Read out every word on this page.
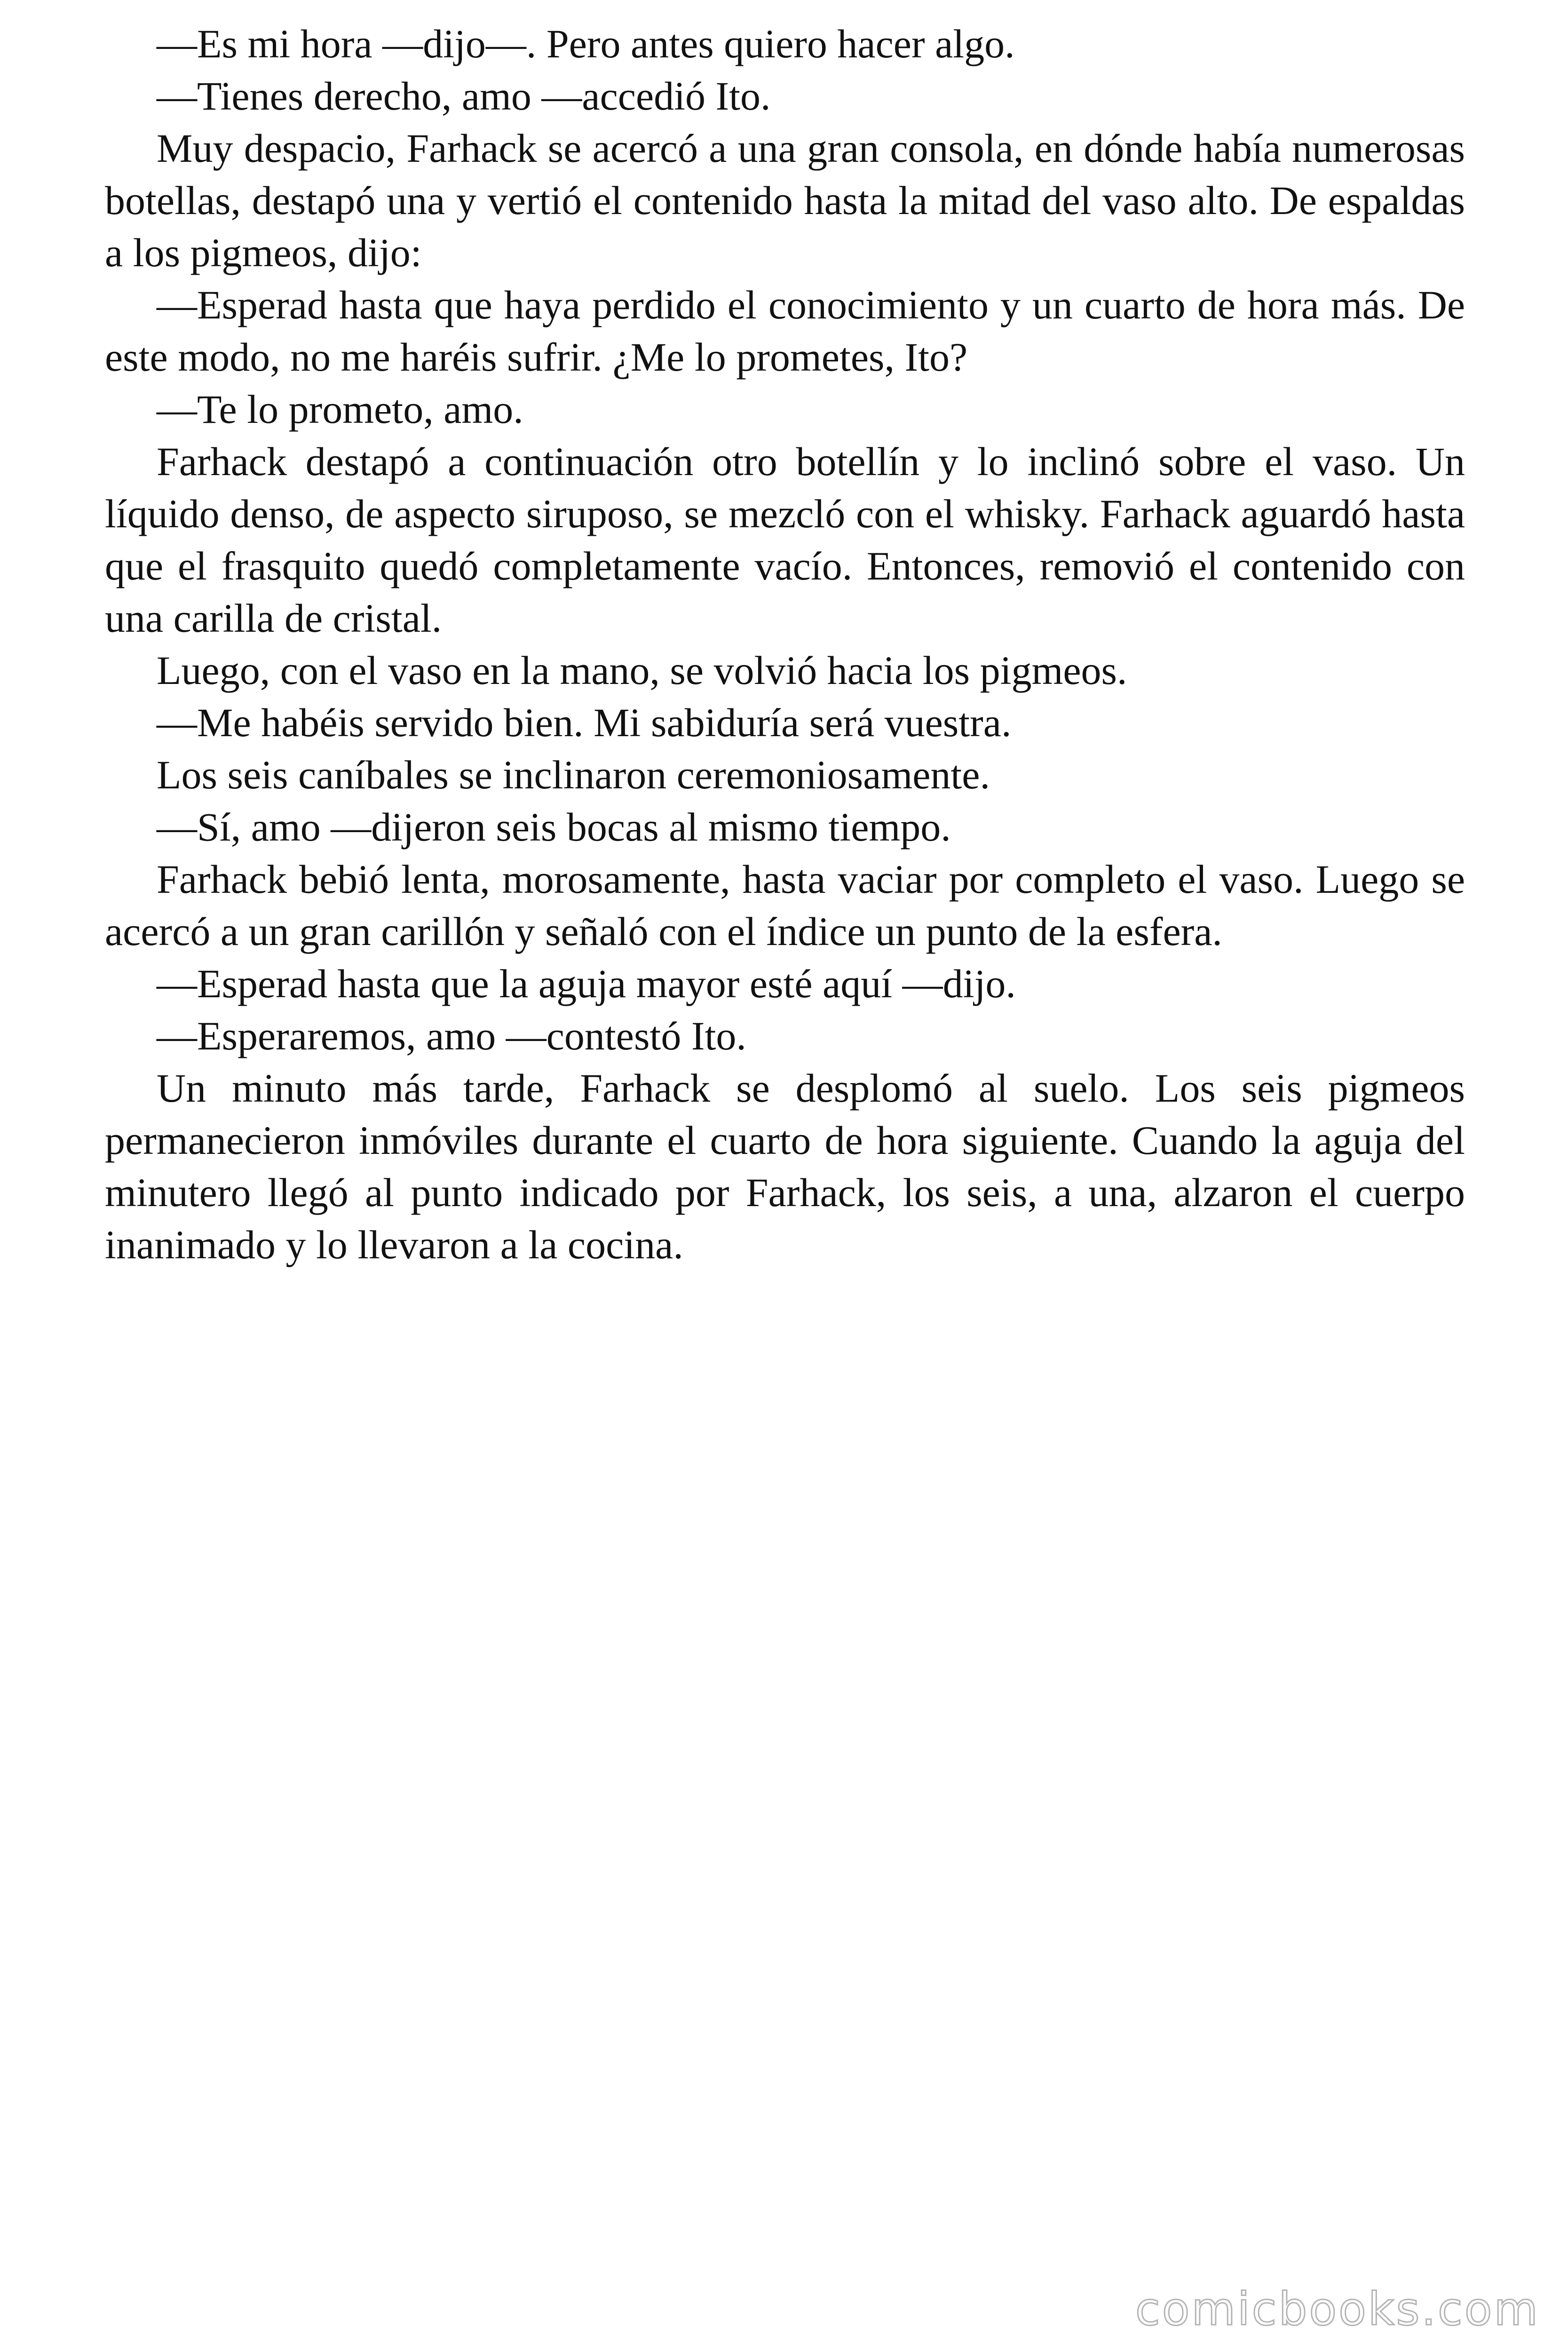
—Es mi hora —dijo—. Pero antes quiero hacer algo.

—Tienes derecho, amo —accedió Ito.

Muy despacio, Farhack se acercó a una gran consola, en dónde había numerosas botellas, destapó una y vertió el contenido hasta la mitad del vaso alto. De espaldas a los pigmeos, dijo:

—Esperad hasta que haya perdido el conocimiento y un cuarto de hora más. De este modo, no me haréis sufrir. ¿Me lo prometes, Ito?

—Te lo prometo, amo.

Farhack destapó a continuación otro botellín y lo inclinó sobre el vaso. Un líquido denso, de aspecto siruposo, se mezcló con el whisky. Farhack aguardó hasta que el frasquito quedó completamente vacío. Entonces, removió el contenido con una carilla de cristal.

Luego, con el vaso en la mano, se volvió hacia los pigmeos.

—Me habéis servido bien. Mi sabiduría será vuestra.

Los seis caníbales se inclinaron ceremoniosamente.

—Sí, amo —dijeron seis bocas al mismo tiempo.

Farhack bebió lenta, morosamente, hasta vaciar por completo el vaso. Luego se acercó a un gran carillón y señaló con el índice un punto de la esfera.

—Esperad hasta que la aguja mayor esté aquí —dijo.

—Esperaremos, amo —contestó Ito.

Un minuto más tarde, Farhack se desplomó al suelo. Los seis pigmeos permanecieron inmóviles durante el cuarto de hora siguiente. Cuando la aguja del minutero llegó al punto indicado por Farhack, los seis, a una, alzaron el cuerpo inanimado y lo llevaron a la cocina.

comicbooks.com
